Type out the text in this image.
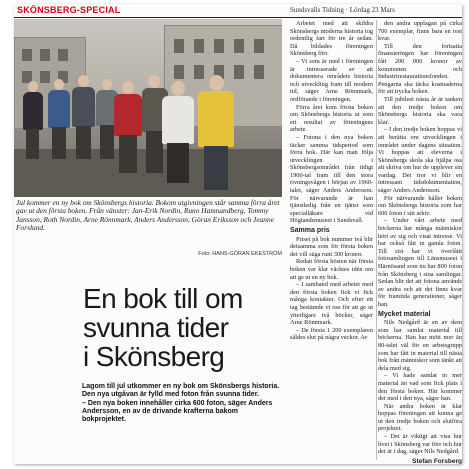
SKÖNSBERG-SPECIAL	Sundsvalls Tidning · Lördag 23 Mars
Jul kommer en ny bok om Skönsbergs historia. Bokom utgivningen står samma förra året gav ut den första boken. Från vänster: Jan-Erik Nordin, Runo Hamnandberg, Tommy Jansson, Roth Nordin, Arne Rönnmark, Anders Andersson, Göran Eriksson och Jeanne Forslund.
Foto: HANS-GÖRAN EKESTRÖM
En bok till om
svunna tider
i Skönsberg

Lagom till jul utkommer en ny bok om Skönsbergs historia. Den nya utgåvan är fylld med foton från svunna tider.

– Den nya boken innehåller cirka 600 foton, säger Anders Andersson, en av de drivande krafterna bakom bokprojektet.

Arbetet med att skildra Skönsbergs moderna historia tog ordentlig fart för tre år sedan. Då bildades föreningen Skönsberg förr.

– Vi som är med i föreningen är intresserade av att dokumentera områdets historia och utveckling fram till modern tid, säger Arne Rönnmark, ordförande i föreningen.

Förra året kom första boken om Skönsbergs historia ut som ett resultat av föreningens arbete.

– Fotona i den nya boken täcker samma tidsperiod som förra bok. Här kan man följa utvecklingen i Skönsbergsområdet från tidigt 1900-tal fram till den stora rivningsvågen i början av 1960-talet, säger Anders Andersson. För närvarande är han tjänstledig från en tjänst som specialläkare vid Högtandsmuseet i Sundsvall.

Samma pris

Priset på bok nummer två blir detsamma som för första boken det vill säga runt 300 kronor.

Redan första hösten när första boken var klar väcktes idén om att ge ut en ny bok.

– I samband med arbetet med den första boken fick vi fick många kontakter. Och efter ett tag bestämde vi oss för att ge ut ytterligare två böcker, säger Arne Rönnmark.

– De första 1 200 exemplaren såldes slut på några veckor. Av

den andra upplagan på cirka 700 exemplar, finns bara en rest kvar.

Till den fortsatta finansieringen har föreningen fått 200 000 kronor av kommunen och Industrirestaurationsfonden. Pengarna ska täcka kostnaderna för att trycka boken.

Till jubileet nästa år är tanken att den tredje boken om Skönsbergs historia ska vara klar.

– I den tredje boken hoppas vi att berätta om utvecklingen i området under dagens situation. Vi hoppas att eleverna i Skönsbergs skola ska hjälpa oss att skriva om hur de upplever sin vardag. Det tror vi blir en intressant tidsdokumentation, säger Anders Andersson.

För närvarande håller boken om Skönsbergs historia som har 600 foton i sitt arkiv.

– Under vårt arbete med böckerna har många människor hört av sig och visat intresse. Vi har också fått in gamla foton. Till sist har vi överlåtit fotosamlingen till Länsmuseet i Härnösand som nu har 800 foton från Skönsberg i sina samlingar. Sedan blir det att fotona används av andra och att det finns kvar för framtida generationer, säger han.

Mycket material

Nils Nedgård är en av dem som har samlat material till böckerna. Han har mött mer än 80-talet väl för en arbetsgrupp som har fått in material till nästa bok från människor som tänkt att dela med sig.

– Vi hade samlat in mer material än vad som fick plats i den första boken. Här kommer det med i den nya, säger han.

När andra boken är klar hoppas föreningen att kunna ge ut den tredje boken och slutföra projektet.

– Det är viktigt att visa hur livet i Skönsberg var förr och hur det är i dag, säger Nils Nedgård.

Stefan Forsberg
